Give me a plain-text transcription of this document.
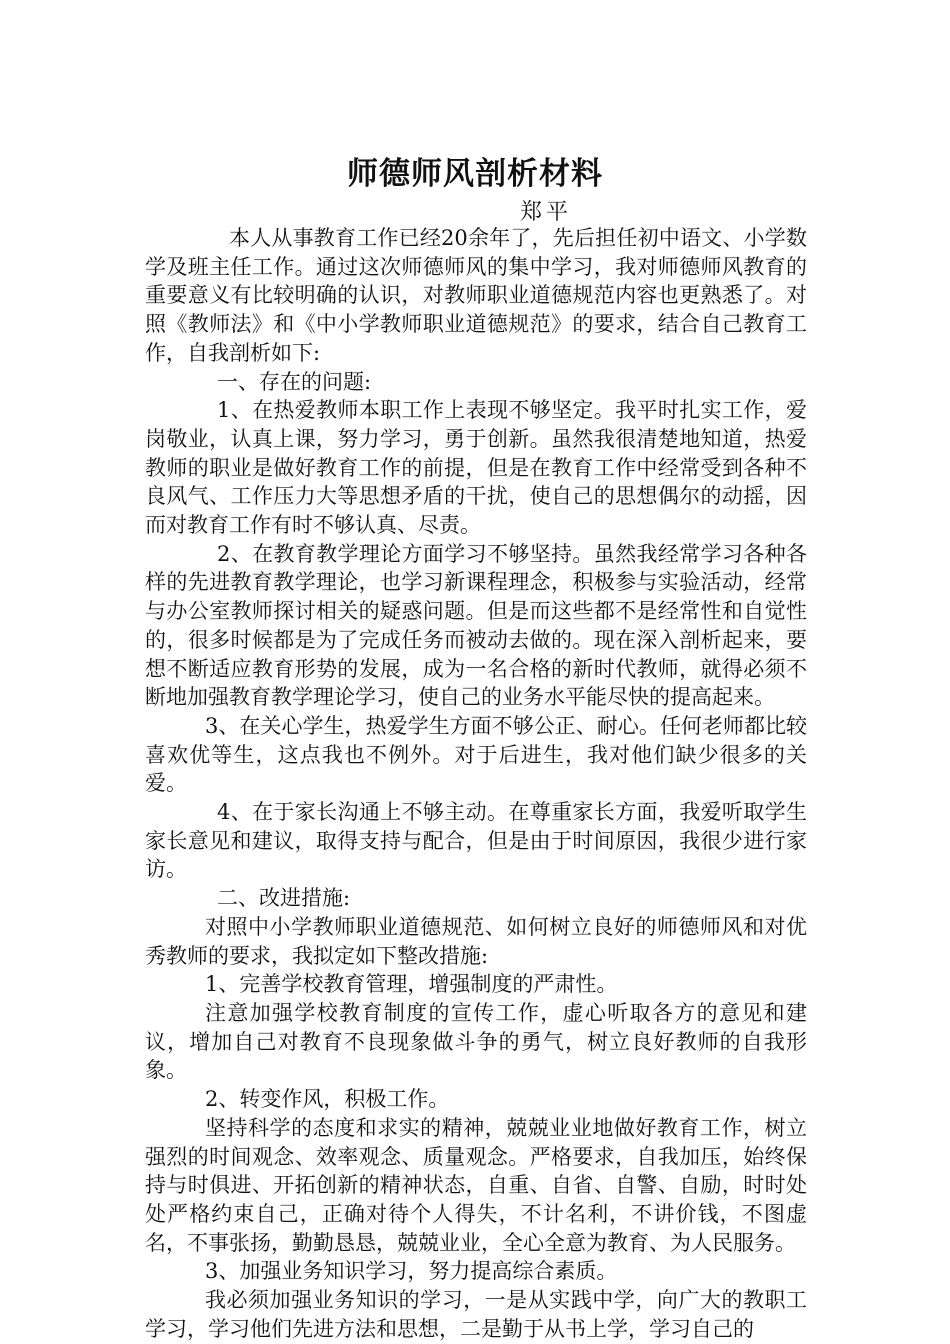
师德师风剖析材料
郑平

本人从事教育工作已经20余年了，先后担任初中语文、小学数学及班主任工作。通过这次师德师风的集中学习，我对师德师风教育的重要意义有比较明确的认识，对教师职业道德规范内容也更熟悉了。对照《教师法》和《中小学教师职业道德规范》的要求，结合自己教育工作，自我剖析如下:

一、存在的问题:

1、在热爱教师本职工作上表现不够坚定。我平时扎实工作，爱岗敬业，认真上课，努力学习，勇于创新。虽然我很清楚地知道，热爱教师的职业是做好教育工作的前提，但是在教育工作中经常受到各种不良风气、工作压力大等思想矛盾的干扰，使自己的思想偶尔的动摇，因而对教育工作有时不够认真、尽责。

2、在教育教学理论方面学习不够坚持。虽然我经常学习各种各样的先进教育教学理论，也学习新课程理念，积极参与实验活动，经常与办公室教师探讨相关的疑惑问题。但是而这些都不是经常性和自觉性的，很多时候都是为了完成任务而被动去做的。现在深入剖析起来，要想不断适应教育形势的发展，成为一名合格的新时代教师，就得必须不断地加强教育教学理论学习，使自己的业务水平能尽快的提高起来。

3、在关心学生，热爱学生方面不够公正、耐心。任何老师都比较喜欢优等生，这点我也不例外。对于后进生，我对他们缺少很多的关爱。

4、在于家长沟通上不够主动。在尊重家长方面，我爱听取学生家长意见和建议，取得支持与配合，但是由于时间原因，我很少进行家访。

二、改进措施:

对照中小学教师职业道德规范、如何树立良好的师德师风和对优秀教师的要求，我拟定如下整改措施:

1、完善学校教育管理，增强制度的严肃性。

注意加强学校教育制度的宣传工作，虚心听取各方的意见和建议，增加自己对教育不良现象做斗争的勇气，树立良好教师的自我形象。

2、转变作风，积极工作。

坚持科学的态度和求实的精神，兢兢业业地做好教育工作，树立强烈的时间观念、效率观念、质量观念。严格要求，自我加压，始终保持与时俱进、开拓创新的精神状态，自重、自省、自警、自励，时时处处严格约束自己，正确对待个人得失，不计名利，不讲价钱，不图虚名，不事张扬，勤勤恳恳，兢兢业业，全心全意为教育、为人民服务。

3、加强业务知识学习，努力提高综合素质。

我必须加强业务知识的学习，一是从实践中学，向广大的教职工学习，学习他们先进方法和思想，二是勤于从书上学，学习自己的
